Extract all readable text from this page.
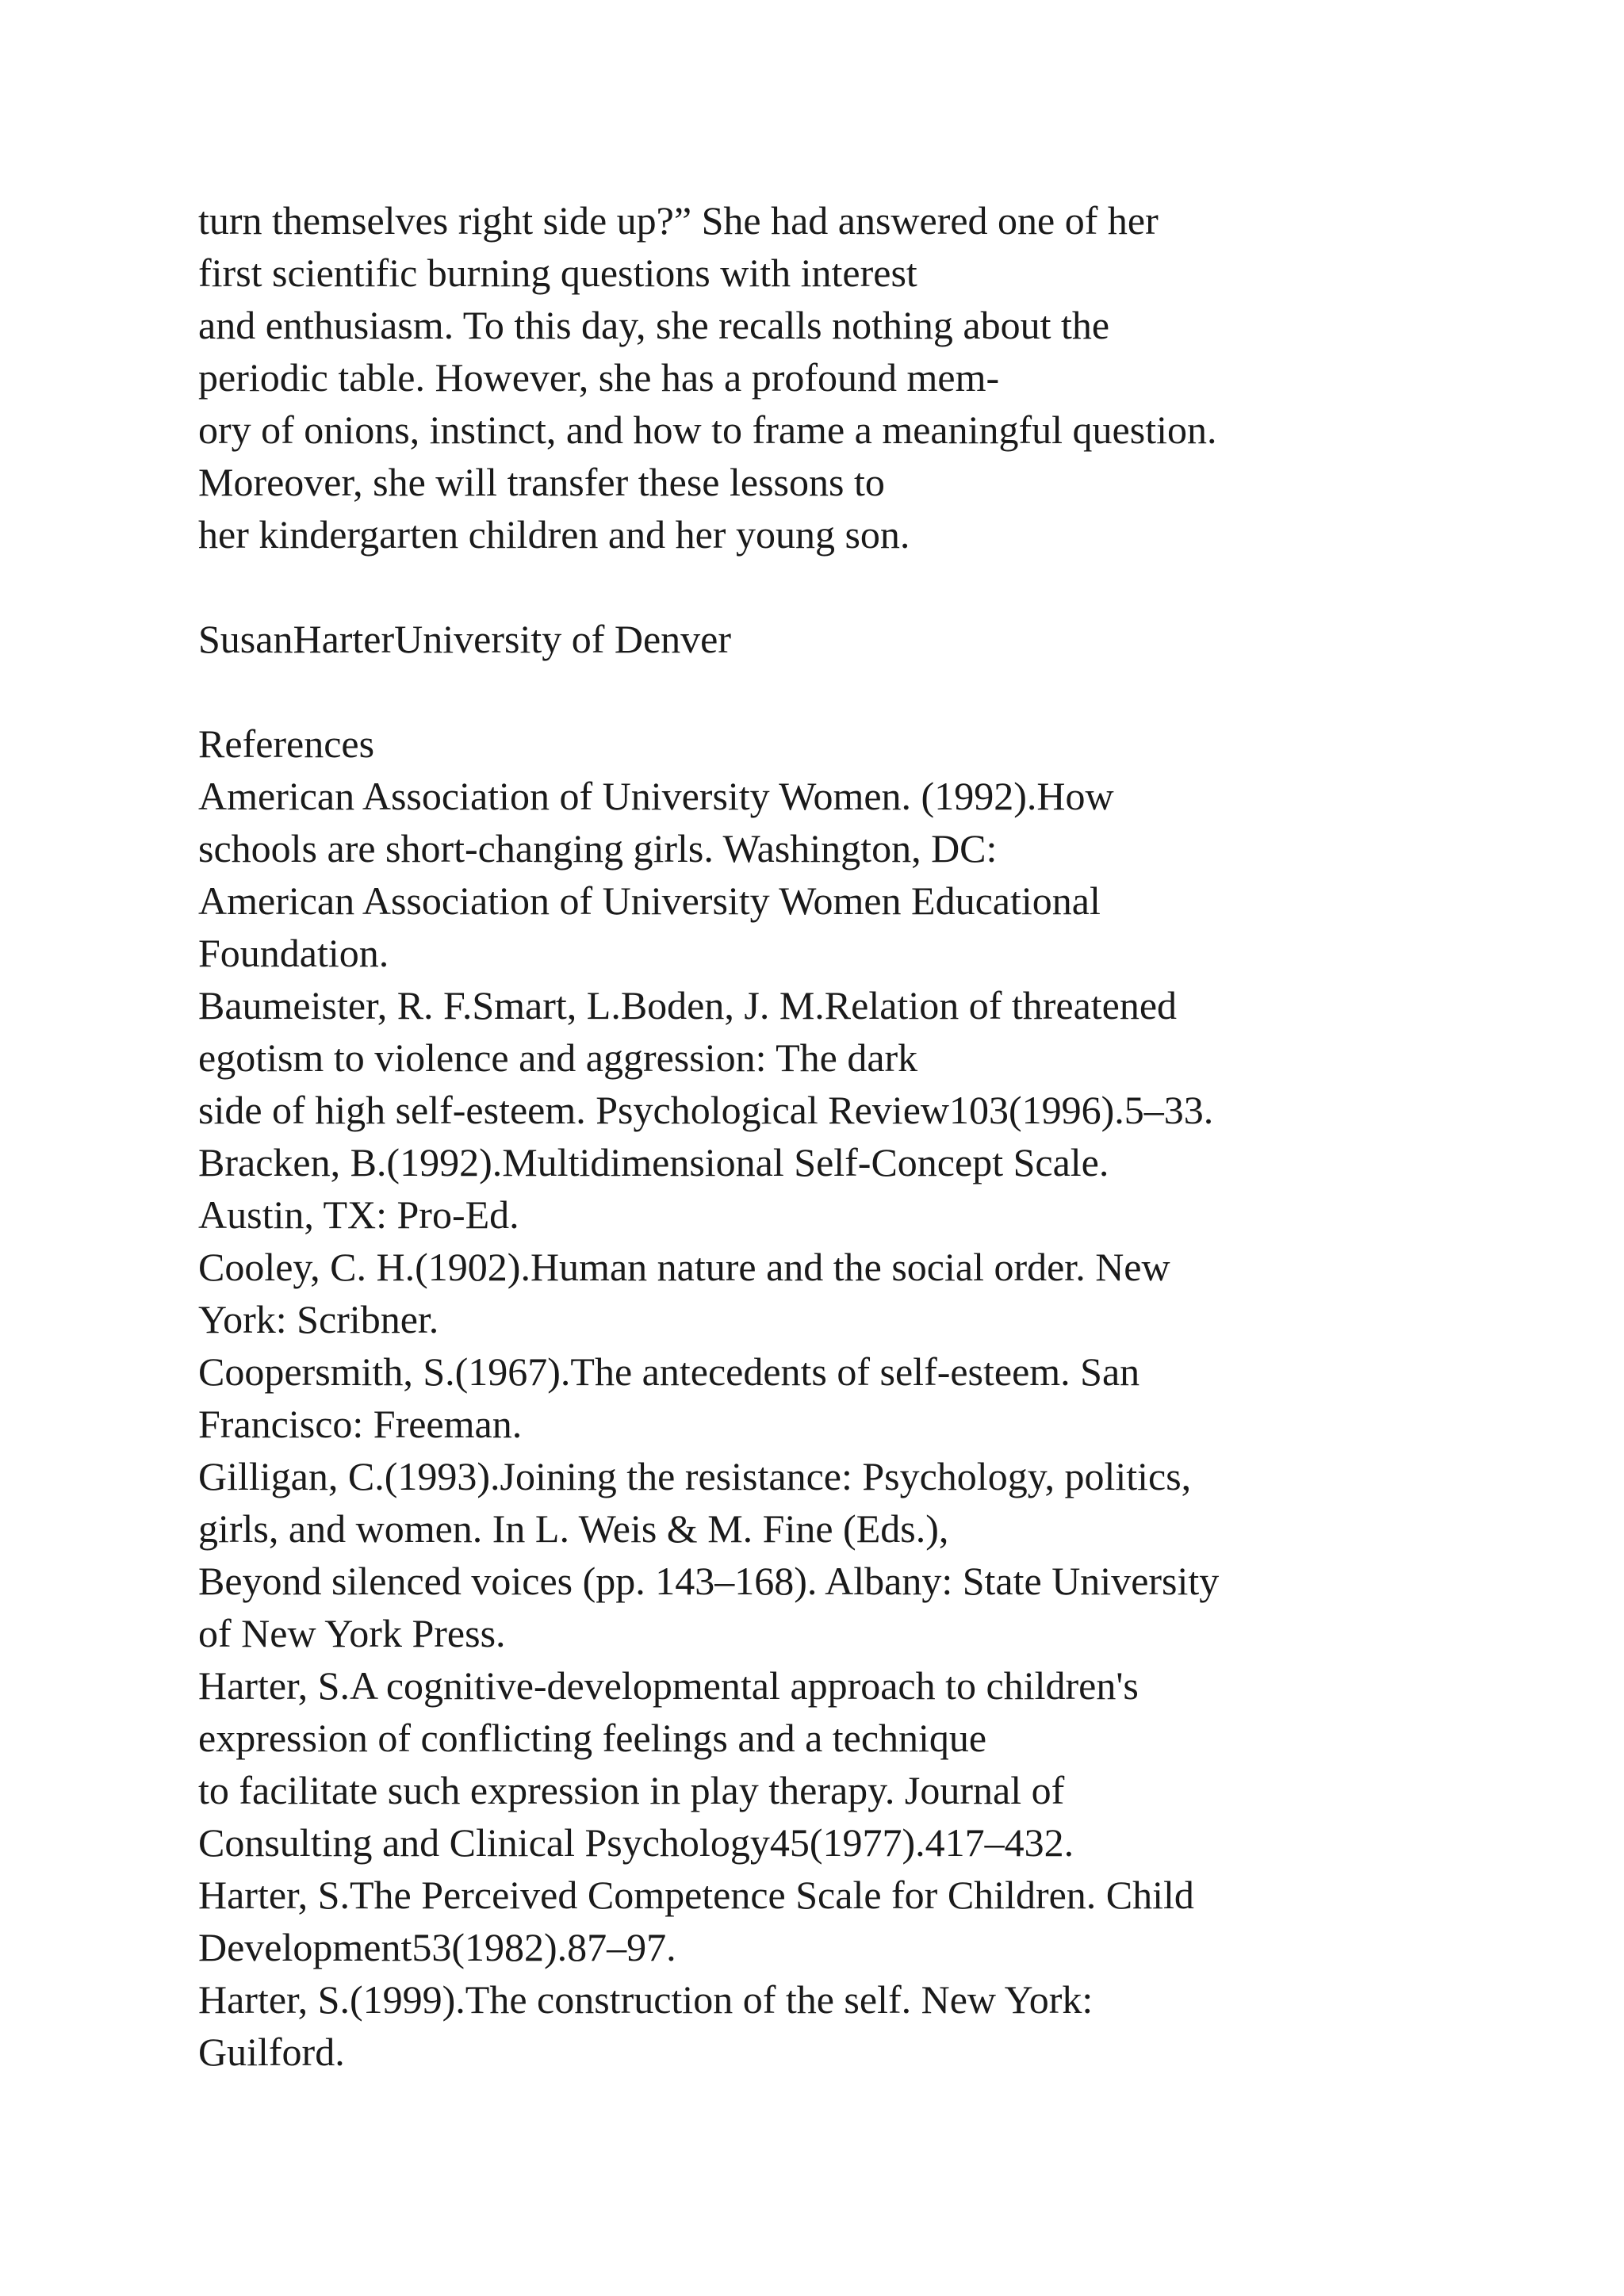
turn themselves right side up?” She had answered one of her
first scientific burning questions with interest
and enthusiasm. To this day, she recalls nothing about the
periodic table. However, she has a profound mem-
ory of onions, instinct, and how to frame a meaningful question.
Moreover, she will transfer these lessons to
her kindergarten children and her young son.
SusanHarterUniversity of Denver
References
American Association of University Women. (1992).How
schools are short-changing girls. Washington, DC:
American Association of University Women Educational
Foundation.
Baumeister, R. F.Smart, L.Boden, J. M.Relation of threatened
egotism to violence and aggression: The dark
side of high self-esteem. Psychological Review103(1996).5–33.
Bracken, B.(1992).Multidimensional Self-Concept Scale.
Austin, TX: Pro-Ed.
Cooley, C. H.(1902).Human nature and the social order. New
York: Scribner.
Coopersmith, S.(1967).The antecedents of self-esteem. San
Francisco: Freeman.
Gilligan, C.(1993).Joining the resistance: Psychology, politics,
girls, and women. In L. Weis & M. Fine (Eds.),
Beyond silenced voices (pp. 143–168). Albany: State University
of New York Press.
Harter, S.A cognitive-developmental approach to children's
expression of conflicting feelings and a technique
to facilitate such expression in play therapy. Journal of
Consulting and Clinical Psychology45(1977).417–432.
Harter, S.The Perceived Competence Scale for Children. Child
Development53(1982).87–97.
Harter, S.(1999).The construction of the self. New York:
Guilford.
